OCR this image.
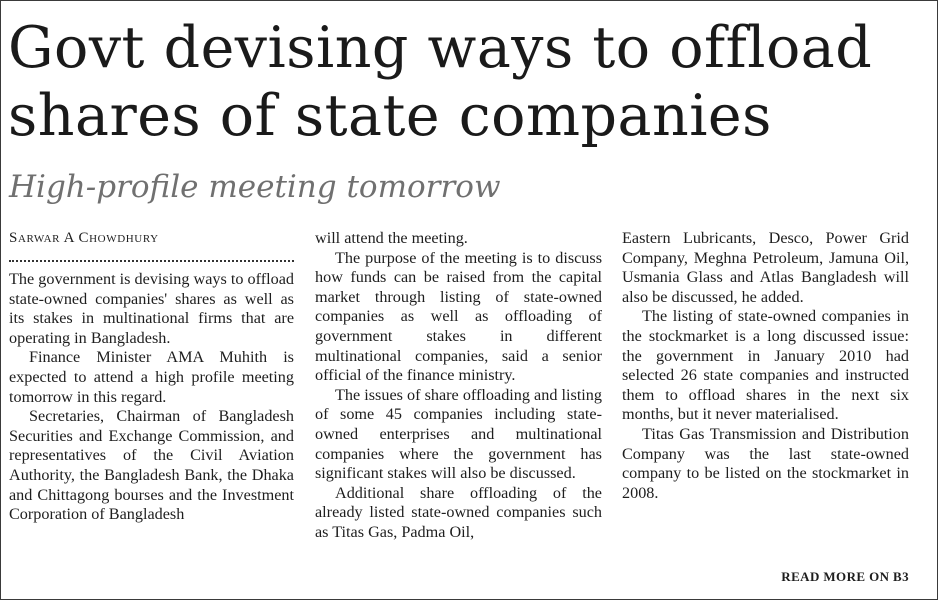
Govt devising ways to offload shares of state companies
High-profile meeting tomorrow
Sarwar A Chowdhury

The government is devising ways to offload state-owned companies' shares as well as its stakes in multinational firms that are operating in Bangladesh.

Finance Minister AMA Muhith is expected to attend a high profile meeting tomorrow in this regard.

Secretaries, Chairman of Bangladesh Securities and Exchange Commission, and representatives of the Civil Aviation Authority, the Bangladesh Bank, the Dhaka and Chittagong bourses and the Investment Corporation of Bangladesh

will attend the meeting.

The purpose of the meeting is to discuss how funds can be raised from the capital market through listing of state-owned companies as well as offloading of government stakes in different multinational companies, said a senior official of the finance ministry.

The issues of share offloading and listing of some 45 companies including state-owned enterprises and multinational companies where the government has significant stakes will also be discussed.

Additional share offloading of the already listed state-owned companies such as Titas Gas, Padma Oil,

Eastern Lubricants, Desco, Power Grid Company, Meghna Petroleum, Jamuna Oil, Usmania Glass and Atlas Bangladesh will also be discussed, he added.

The listing of state-owned companies in the stockmarket is a long discussed issue: the government in January 2010 had selected 26 state companies and instructed them to offload shares in the next six months, but it never materialised.

Titas Gas Transmission and Distribution Company was the last state-owned company to be listed on the stockmarket in 2008.

READ MORE ON B3
